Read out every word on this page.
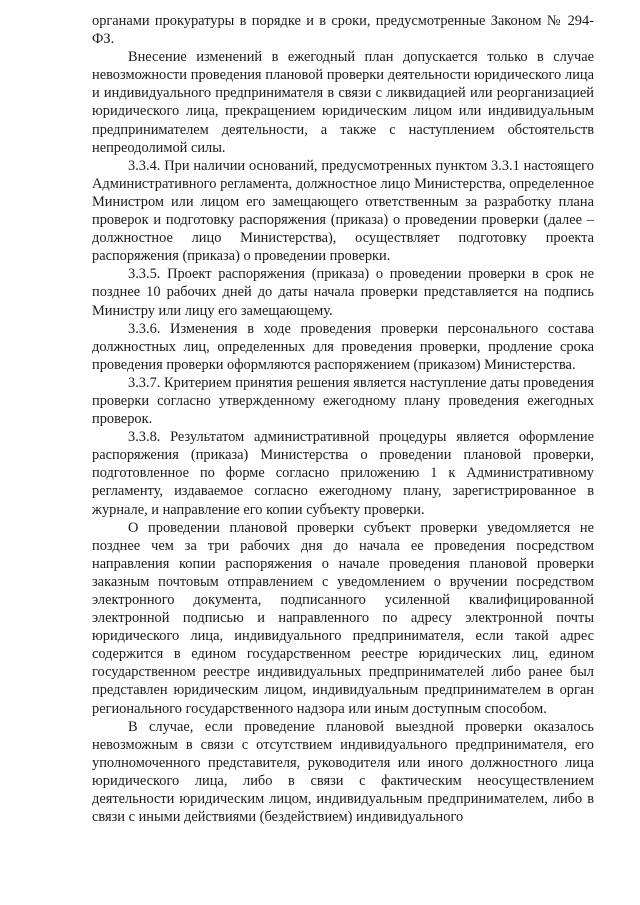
органами прокуратуры в порядке и в сроки, предусмотренные Законом № 294-ФЗ.

Внесение изменений в ежегодный план допускается только в случае невозможности проведения плановой проверки деятельности юридического лица и индивидуального предпринимателя в связи с ликвидацией или реорганизацией юридического лица, прекращением юридическим лицом или индивидуальным предпринимателем деятельности, а также с наступлением обстоятельств непреодолимой силы.

3.3.4. При наличии оснований, предусмотренных пунктом 3.3.1 настоящего Административного регламента, должностное лицо Министерства, определенное Министром или лицом его замещающего ответственным за разработку плана проверок и подготовку распоряжения (приказа) о проведении проверки (далее – должностное лицо Министерства), осуществляет подготовку проекта распоряжения (приказа) о проведении проверки.

3.3.5. Проект распоряжения (приказа) о проведении проверки в срок не позднее 10 рабочих дней до даты начала проверки представляется на подпись Министру или лицу его замещающему.

3.3.6. Изменения в ходе проведения проверки персонального состава должностных лиц, определенных для проведения проверки, продление срока проведения проверки оформляются распоряжением (приказом) Министерства.

3.3.7. Критерием принятия решения является наступление даты проведения проверки согласно утвержденному ежегодному плану проведения ежегодных проверок.

3.3.8. Результатом административной процедуры является оформление распоряжения (приказа) Министерства о проведении плановой проверки, подготовленное по форме согласно приложению 1 к Административному регламенту, издаваемое согласно ежегодному плану, зарегистрированное в журнале, и направление его копии субъекту проверки.

О проведении плановой проверки субъект проверки уведомляется не позднее чем за три рабочих дня до начала ее проведения посредством направления копии распоряжения о начале проведения плановой проверки заказным почтовым отправлением с уведомлением о вручении посредством электронного документа, подписанного усиленной квалифицированной электронной подписью и направленного по адресу электронной почты юридического лица, индивидуального предпринимателя, если такой адрес содержится в едином государственном реестре юридических лиц, едином государственном реестре индивидуальных предпринимателей либо ранее был представлен юридическим лицом, индивидуальным предпринимателем в орган регионального государственного надзора или иным доступным способом.

В случае, если проведение плановой выездной проверки оказалось невозможным в связи с отсутствием индивидуального предпринимателя, его уполномоченного представителя, руководителя или иного должностного лица юридического лица, либо в связи с фактическим неосуществлением деятельности юридическим лицом, индивидуальным предпринимателем, либо в связи с иными действиями (бездействием) индивидуального
